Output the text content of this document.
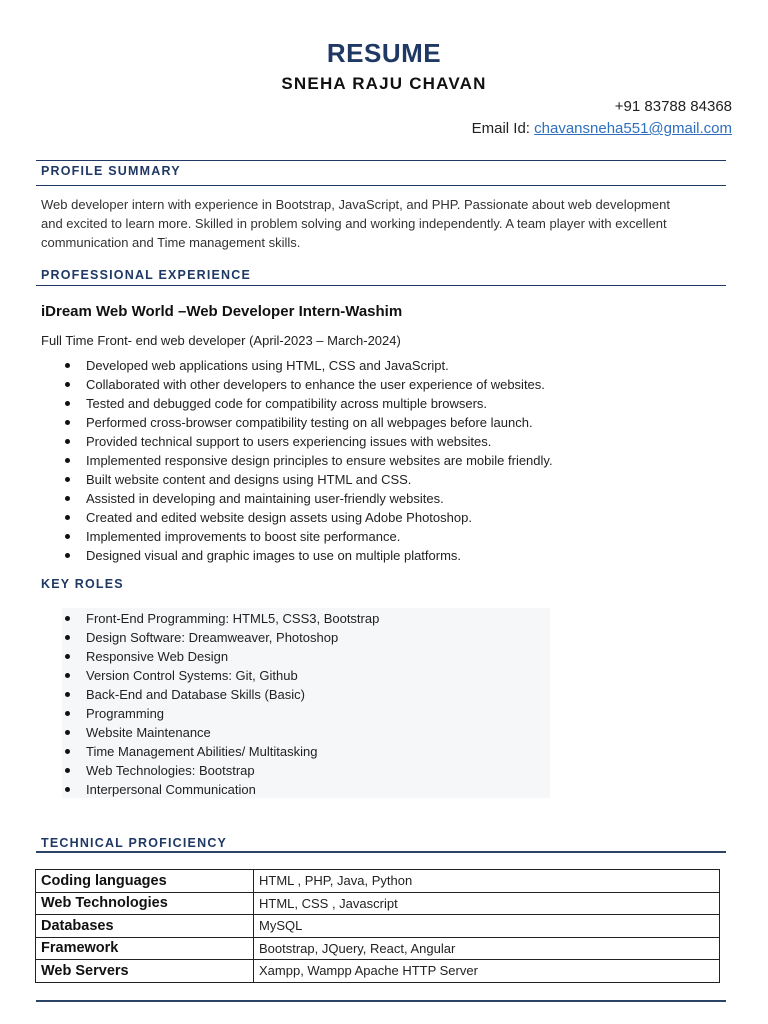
RESUME
SNEHA RAJU CHAVAN
+91 83788 84368
Email Id: chavansneha551@gmail.com
PROFILE SUMMARY
Web developer intern with experience in Bootstrap, JavaScript, and PHP. Passionate about web development
and excited to learn more. Skilled in problem solving and working independently. A team player with excellent
communication and Time management skills.
PROFESSIONAL EXPERIENCE
iDream Web World –Web Developer Intern-Washim
Full Time Front- end web developer (April-2023 – March-2024)
Developed web applications using HTML, CSS and JavaScript.
Collaborated with other developers to enhance the user experience of websites.
Tested and debugged code for compatibility across multiple browsers.
Performed cross-browser compatibility testing on all webpages before launch.
Provided technical support to users experiencing issues with websites.
Implemented responsive design principles to ensure websites are mobile friendly.
Built website content and designs using HTML and CSS.
Assisted in developing and maintaining user-friendly websites.
Created and edited website design assets using Adobe Photoshop.
Implemented improvements to boost site performance.
Designed visual and graphic images to use on multiple platforms.
KEY ROLES
Front-End Programming: HTML5, CSS3, Bootstrap
Design Software: Dreamweaver, Photoshop
Responsive Web Design
Version Control Systems: Git, Github
Back-End and Database Skills (Basic)
Programming
Website Maintenance
Time Management Abilities/ Multitasking
Web Technologies: Bootstrap
Interpersonal Communication
TECHNICAL PROFICIENCY
Coding languages	HTML , PHP, Java, Python
Web Technologies	HTML, CSS , Javascript
Databases	MySQL
Framework	Bootstrap, JQuery, React, Angular
Web Servers	Xampp, Wampp Apache HTTP Server
